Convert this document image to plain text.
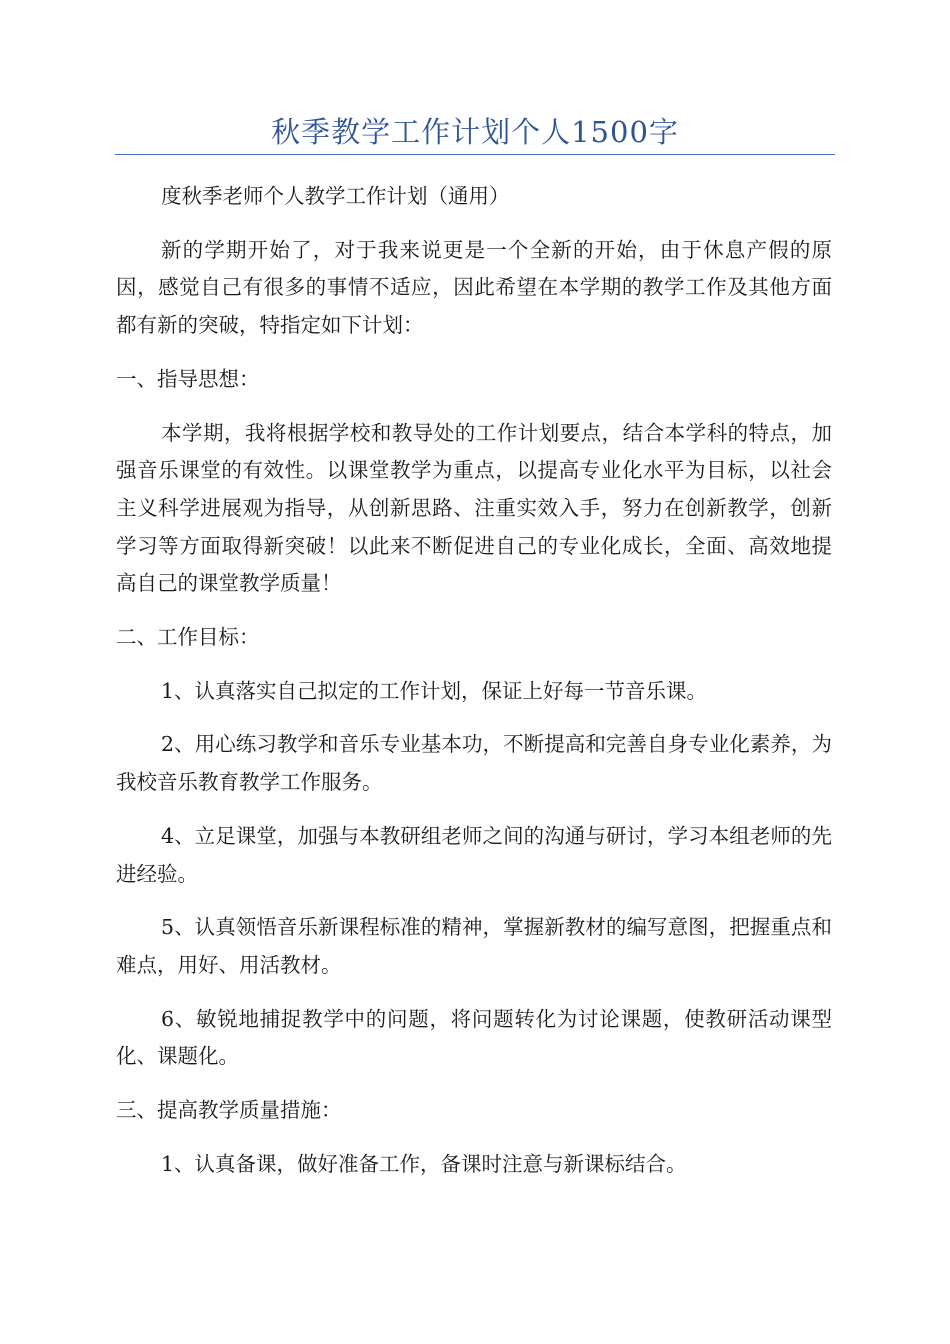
秋季教学工作计划个人1500字

度秋季老师个人教学工作计划（通用）

新的学期开始了，对于我来说更是一个全新的开始，由于休息产假的原因，感觉自己有很多的事情不适应，因此希望在本学期的教学工作及其他方面都有新的突破，特指定如下计划：

一、指导思想：

本学期，我将根据学校和教导处的工作计划要点，结合本学科的特点，加强音乐课堂的有效性。以课堂教学为重点，以提高专业化水平为目标，以社会主义科学进展观为指导，从创新思路、注重实效入手，努力在创新教学，创新学习等方面取得新突破！以此来不断促进自己的专业化成长，全面、高效地提高自己的课堂教学质量！

二、工作目标：

1、认真落实自己拟定的工作计划，保证上好每一节音乐课。

2、用心练习教学和音乐专业基本功，不断提高和完善自身专业化素养，为我校音乐教育教学工作服务。

4、立足课堂，加强与本教研组老师之间的沟通与研讨，学习本组老师的先进经验。

5、认真领悟音乐新课程标准的精神，掌握新教材的编写意图，把握重点和难点，用好、用活教材。

6、敏锐地捕捉教学中的问题，将问题转化为讨论课题，使教研活动课型化、课题化。

三、提高教学质量措施：

1、认真备课，做好准备工作，备课时注意与新课标结合。
